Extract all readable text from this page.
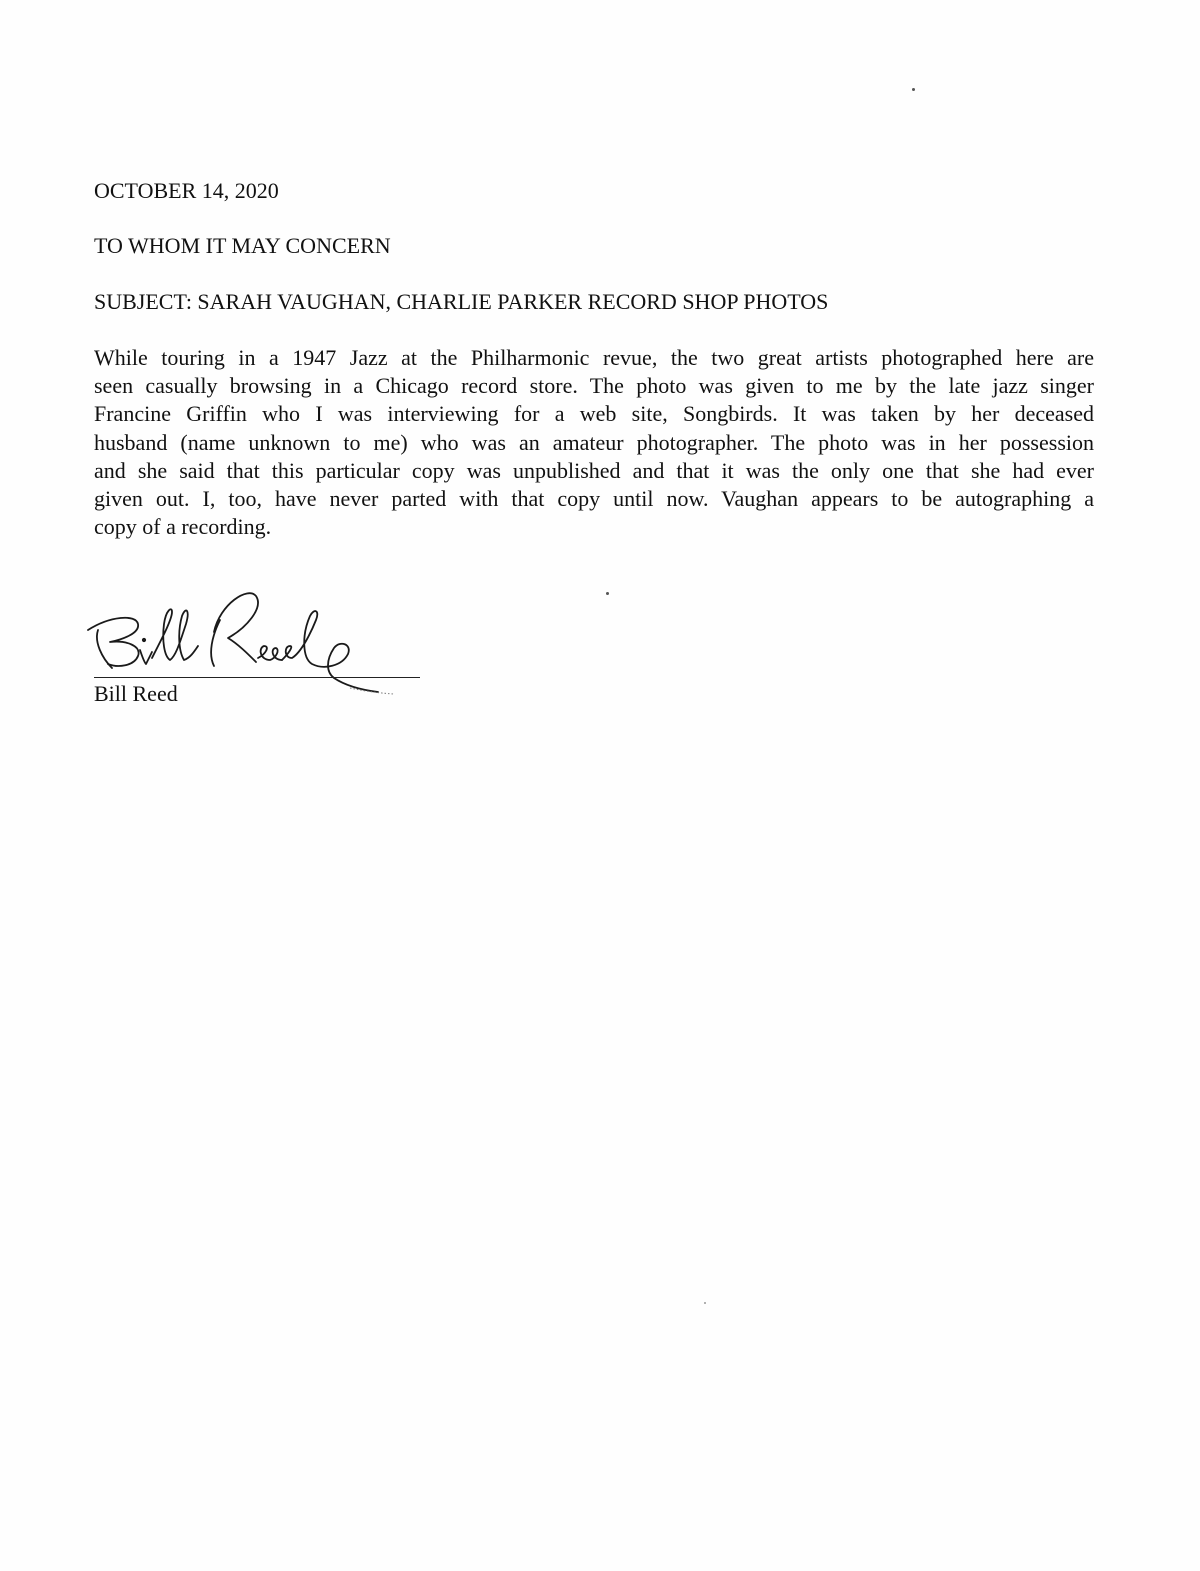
OCTOBER 14, 2020
TO WHOM IT MAY CONCERN
SUBJECT: SARAH VAUGHAN, CHARLIE PARKER RECORD SHOP PHOTOS
While touring in a 1947 Jazz at the Philharmonic revue, the two great artists photographed here are
seen casually browsing in a Chicago record store. The photo was given to me by the late jazz singer
Francine Griffin who I was interviewing for a web site, Songbirds. It was taken by her deceased
husband (name unknown to me) who was an amateur photographer. The photo was in her possession
and she said that this particular copy was unpublished and that it was the only one that she had ever
given out. I, too, have never parted with that copy until now. Vaughan appears to be autographing a
copy of a recording.
Bill Reed
